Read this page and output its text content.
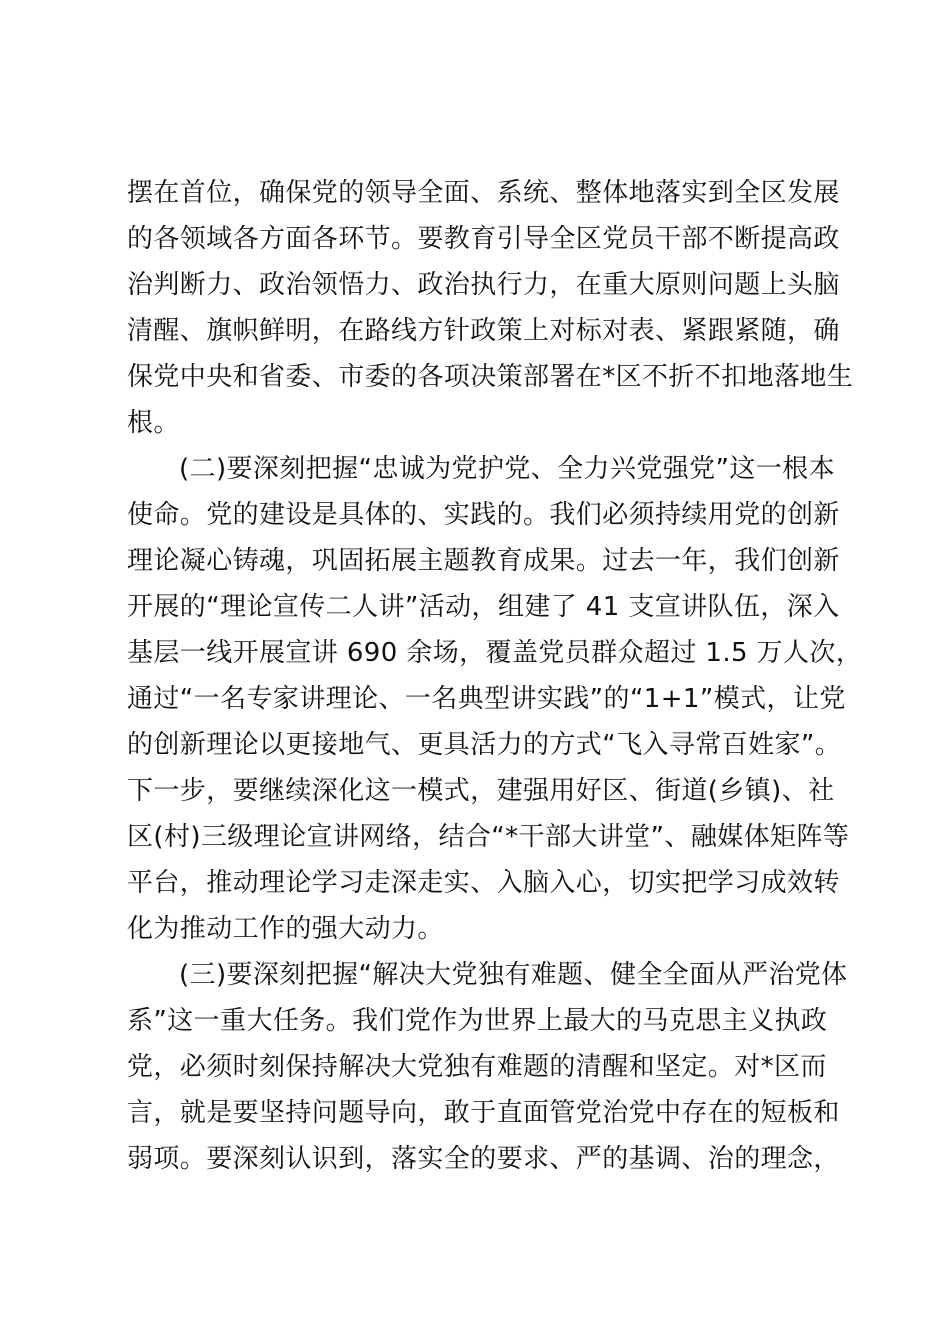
摆在首位，确保党的领导全面、系统、整体地落实到全区发展
的各领域各方面各环节。要教育引导全区党员干部不断提高政
治判断力、政治领悟力、政治执行力，在重大原则问题上头脑
清醒、旗帜鲜明，在路线方针政策上对标对表、紧跟紧随，确
保党中央和省委、市委的各项决策部署在*区不折不扣地落地生
根。
(二)要深刻把握“忠诚为党护党、全力兴党强党”这一根本
使命。党的建设是具体的、实践的。我们必须持续用党的创新
理论凝心铸魂，巩固拓展主题教育成果。过去一年，我们创新
开展的“理论宣传二人讲”活动，组建了 41 支宣讲队伍，深入
基层一线开展宣讲 690 余场，覆盖党员群众超过 1.5 万人次，
通过“一名专家讲理论、一名典型讲实践”的“1+1”模式，让党
的创新理论以更接地气、更具活力的方式“飞入寻常百姓家”。
下一步，要继续深化这一模式，建强用好区、街道(乡镇)、社
区(村)三级理论宣讲网络，结合“*干部大讲堂”、融媒体矩阵等
平台，推动理论学习走深走实、入脑入心，切实把学习成效转
化为推动工作的强大动力。
(三)要深刻把握“解决大党独有难题、健全全面从严治党体
系”这一重大任务。我们党作为世界上最大的马克思主义执政
党，必须时刻保持解决大党独有难题的清醒和坚定。对*区而
言，就是要坚持问题导向，敢于直面管党治党中存在的短板和
弱项。要深刻认识到，落实全的要求、严的基调、治的理念，
